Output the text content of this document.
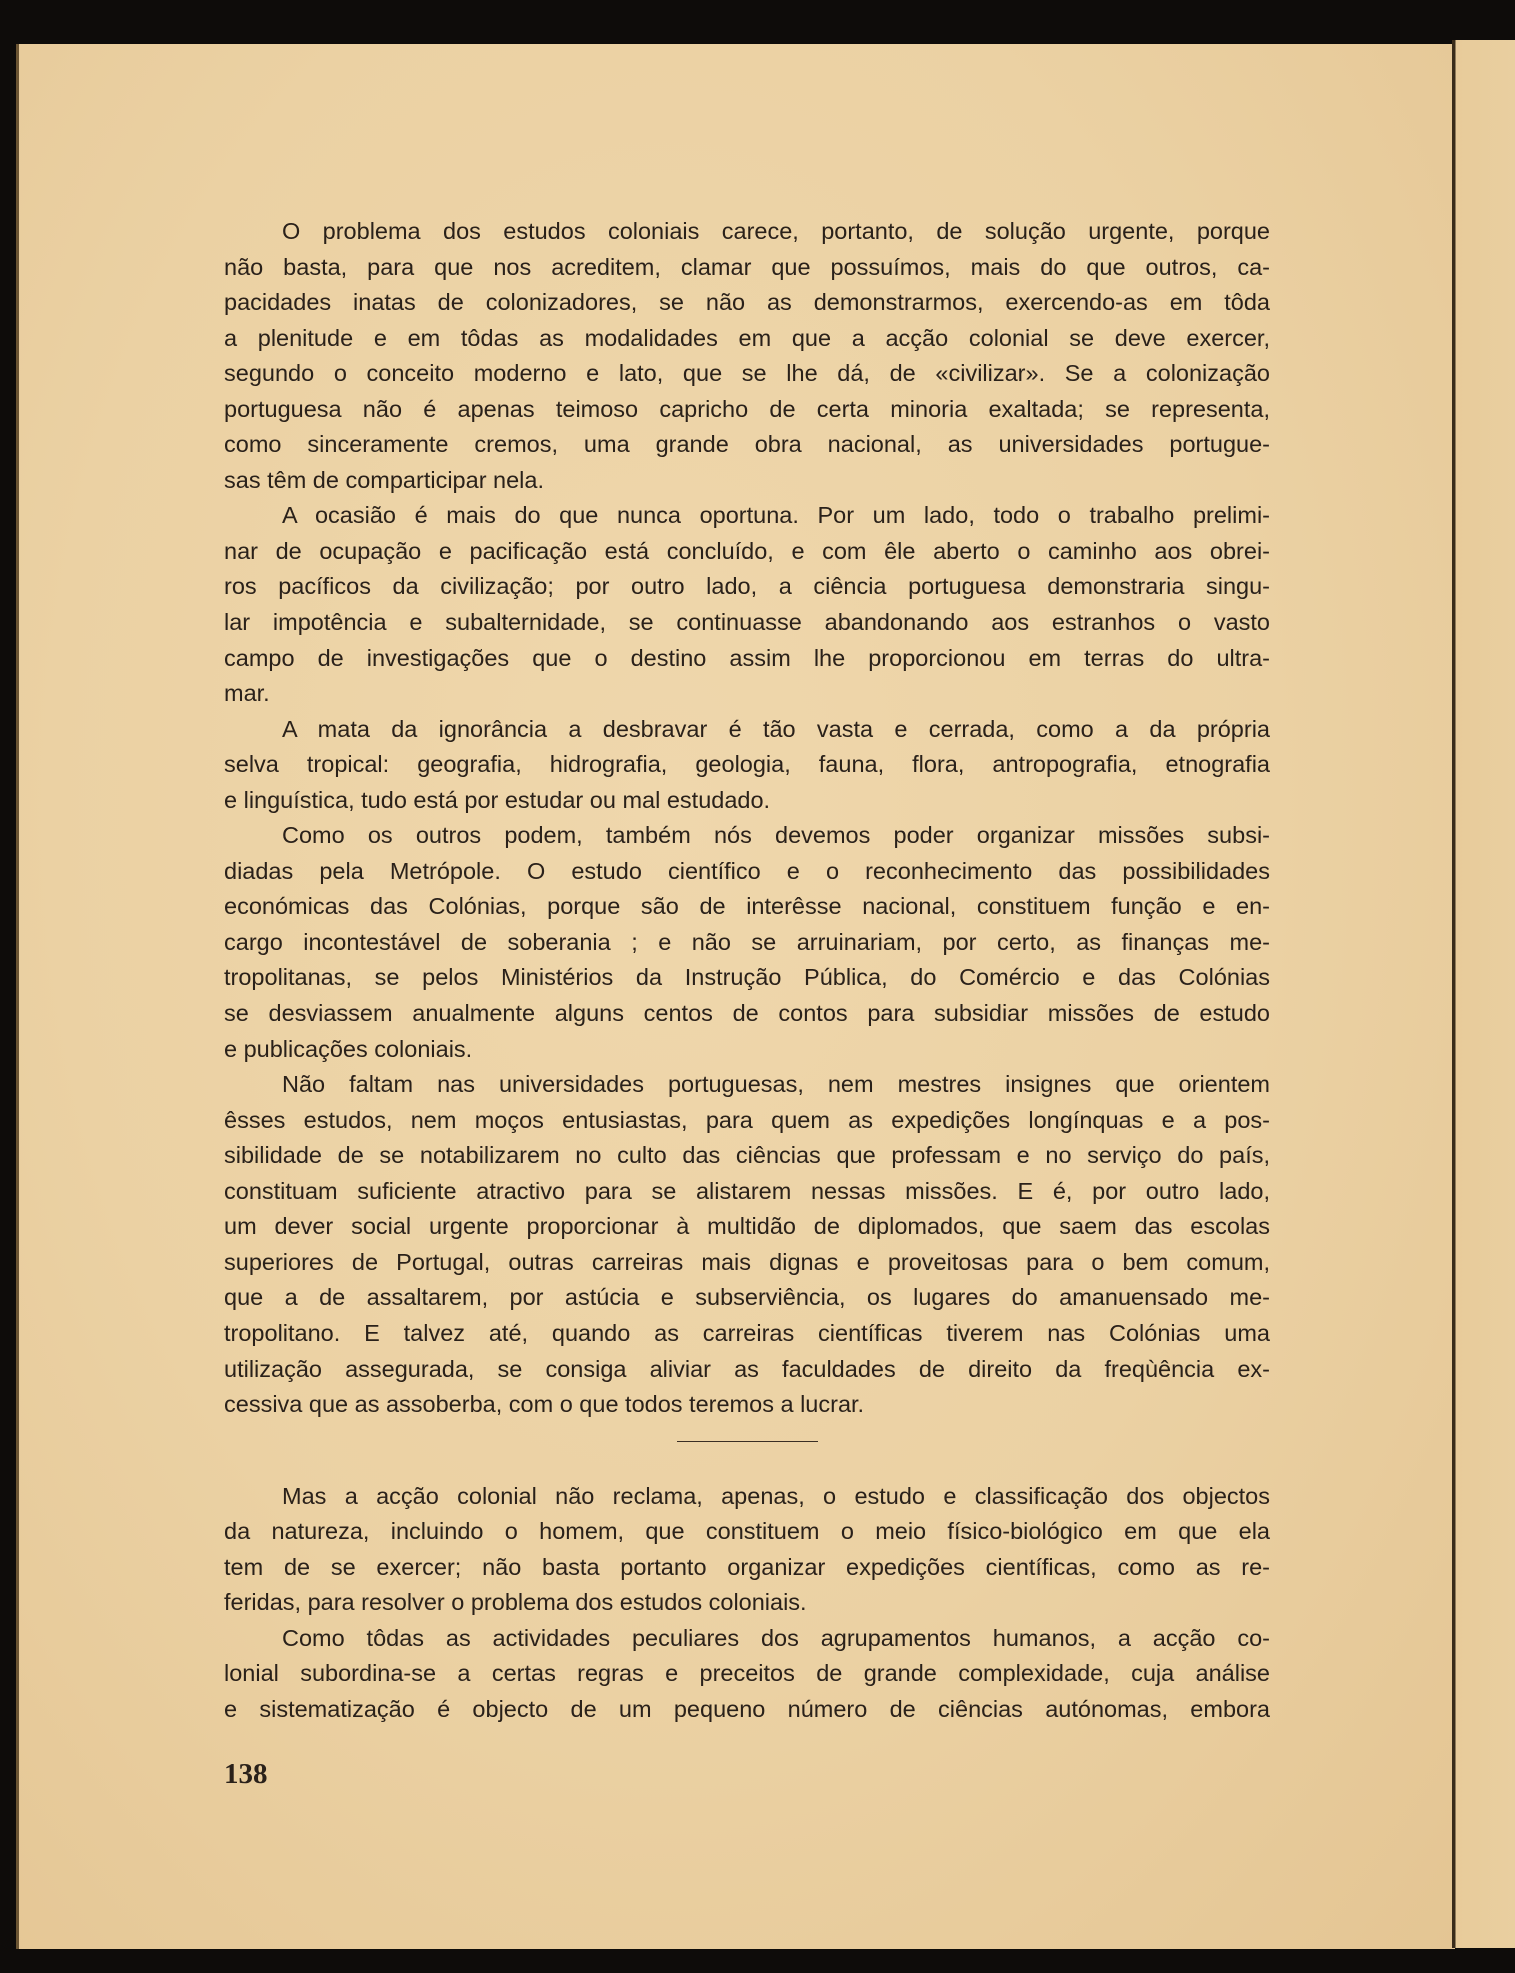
O problema dos estudos coloniais carece, portanto, de solução urgente, porque
não basta, para que nos acreditem, clamar que possuímos, mais do que outros, ca-
pacidades inatas de colonizadores, se não as demonstrarmos, exercendo-as em tôda
a plenitude e em tôdas as modalidades em que a acção colonial se deve exercer,
segundo o conceito moderno e lato, que se lhe dá, de «civilizar». Se a colonização
portuguesa não é apenas teimoso capricho de certa minoria exaltada; se representa,
como sinceramente cremos, uma grande obra nacional, as universidades portugue-
sas têm de comparticipar nela.
A ocasião é mais do que nunca oportuna. Por um lado, todo o trabalho prelimi-
nar de ocupação e pacificação está concluído, e com êle aberto o caminho aos obrei-
ros pacíficos da civilização; por outro lado, a ciência portuguesa demonstraria singu-
lar impotência e subalternidade, se continuasse abandonando aos estranhos o vasto
campo de investigações que o destino assim lhe proporcionou em terras do ultra-
mar.
A mata da ignorância a desbravar é tão vasta e cerrada, como a da própria
selva tropical: geografia, hidrografia, geologia, fauna, flora, antropografia, etnografia
e linguística, tudo está por estudar ou mal estudado.
Como os outros podem, também nós devemos poder organizar missões subsi-
diadas pela Metrópole. O estudo científico e o reconhecimento das possibilidades
económicas das Colónias, porque são de interêsse nacional, constituem função e en-
cargo incontestável de soberania ; e não se arruinariam, por certo, as finanças me-
tropolitanas, se pelos Ministérios da Instrução Pública, do Comércio e das Colónias
se desviassem anualmente alguns centos de contos para subsidiar missões de estudo
e publicações coloniais.
Não faltam nas universidades portuguesas, nem mestres insignes que orientem
êsses estudos, nem moços entusiastas, para quem as expedições longínquas e a pos-
sibilidade de se notabilizarem no culto das ciências que professam e no serviço do país,
constituam suficiente atractivo para se alistarem nessas missões. E é, por outro lado,
um dever social urgente proporcionar à multidão de diplomados, que saem das escolas
superiores de Portugal, outras carreiras mais dignas e proveitosas para o bem comum,
que a de assaltarem, por astúcia e subserviência, os lugares do amanuensado me-
tropolitano. E talvez até, quando as carreiras científicas tiverem nas Colónias uma
utilização assegurada, se consiga aliviar as faculdades de direito da freqùência ex-
cessiva que as assoberba, com o que todos teremos a lucrar.
Mas a acção colonial não reclama, apenas, o estudo e classificação dos objectos
da natureza, incluindo o homem, que constituem o meio físico-biológico em que ela
tem de se exercer; não basta portanto organizar expedições científicas, como as re-
feridas, para resolver o problema dos estudos coloniais.
Como tôdas as actividades peculiares dos agrupamentos humanos, a acção co-
lonial subordina-se a certas regras e preceitos de grande complexidade, cuja análise
e sistematização é objecto de um pequeno número de ciências autónomas, embora
138
